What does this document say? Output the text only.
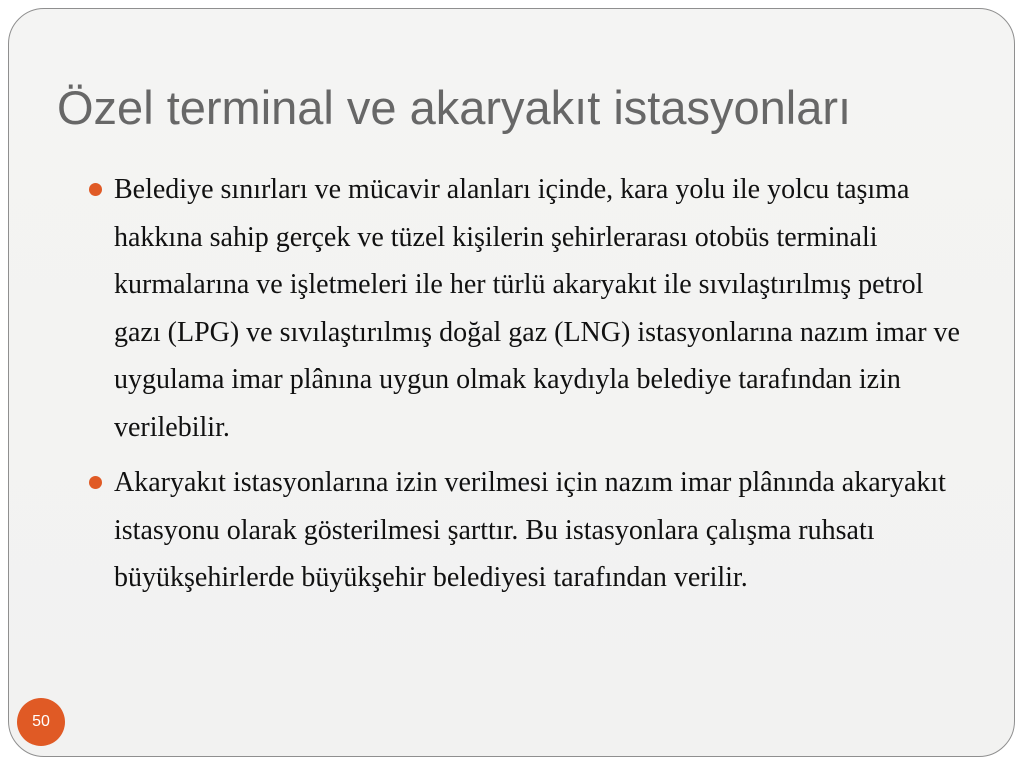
Özel terminal ve akaryakıt istasyonları
Belediye sınırları ve mücavir alanları içinde, kara yolu ile yolcu taşıma hakkına sahip gerçek ve tüzel kişilerin şehirlerarası otobüs terminali kurmalarına ve işletmeleri ile her türlü akaryakıt ile sıvılaştırılmış petrol gazı (LPG) ve sıvılaştırılmış doğal gaz (LNG) istasyonlarına nazım imar ve uygulama imar plânına uygun olmak kaydıyla belediye tarafından izin verilebilir.
Akaryakıt istasyonlarına izin verilmesi için nazım imar plânında akaryakıt istasyonu olarak gösterilmesi şarttır. Bu istasyonlara çalışma ruhsatı büyükşehirlerde büyükşehir belediyesi tarafından verilir.
50
